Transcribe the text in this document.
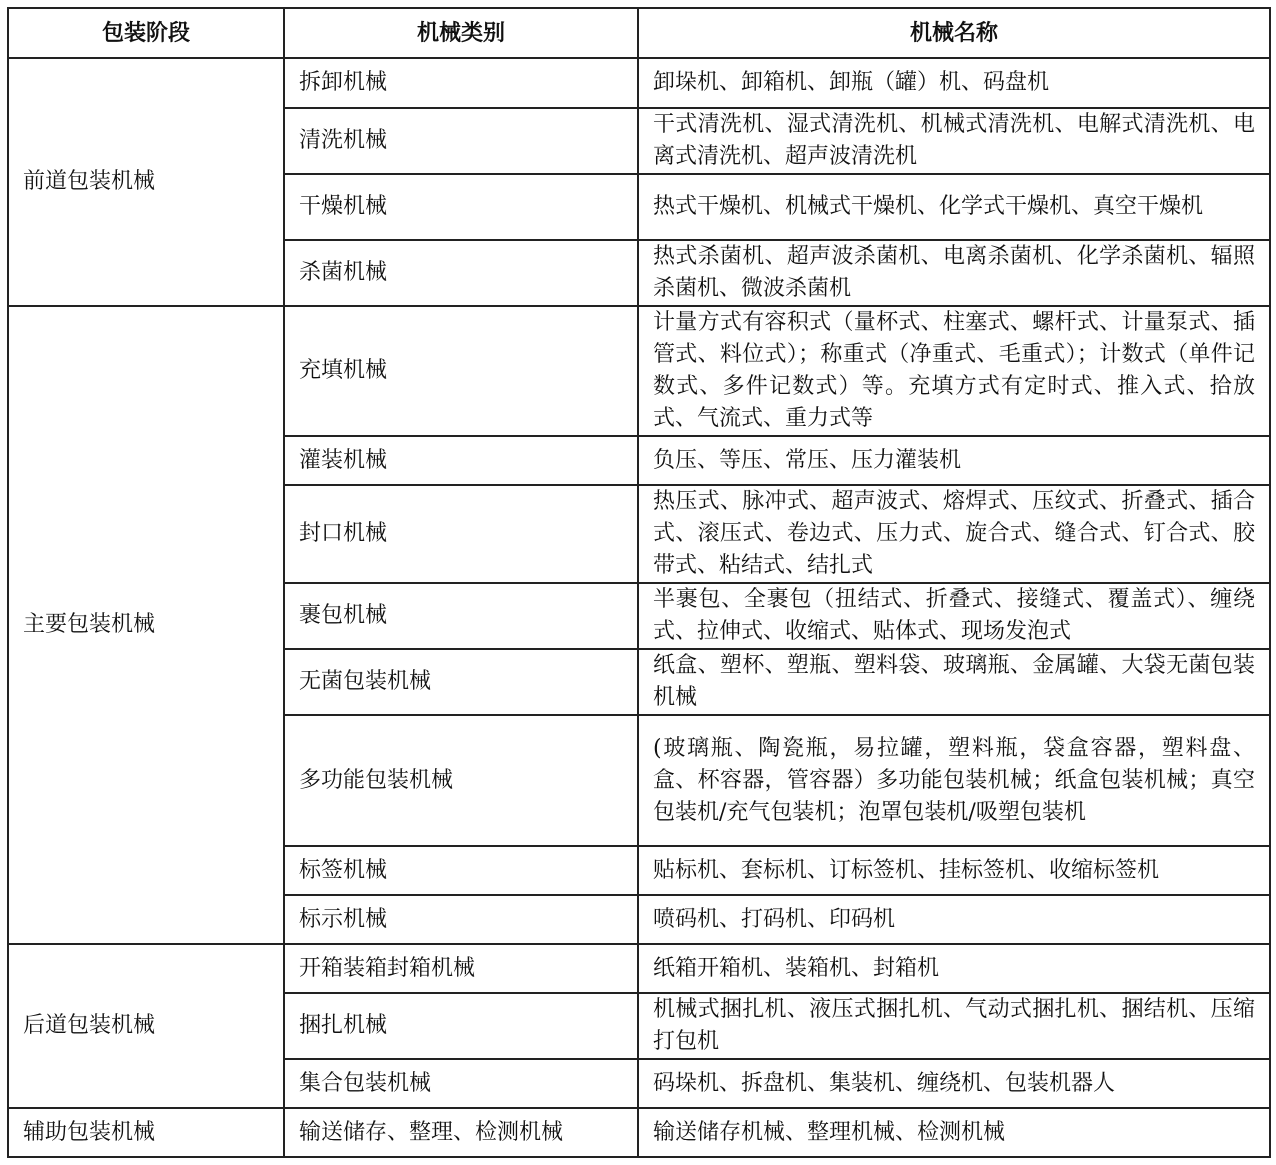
包装阶段	机械类别	机械名称
前道包装机械	拆卸机械	卸垛机、卸箱机、卸瓶（罐）机、码盘机
	清洗机械	干式清洗机、湿式清洗机、机械式清洗机、电解式清洗机、电离式清洗机、超声波清洗机
	干燥机械	热式干燥机、机械式干燥机、化学式干燥机、真空干燥机
	杀菌机械	热式杀菌机、超声波杀菌机、电离杀菌机、化学杀菌机、辐照杀菌机、微波杀菌机
主要包装机械	充填机械	计量方式有容积式（量杯式、柱塞式、螺杆式、计量泵式、插管式、料位式）；称重式（净重式、毛重式）；计数式（单件记数式、多件记数式）等。充填方式有定时式、推入式、拾放式、气流式、重力式等
	灌装机械	负压、等压、常压、压力灌装机
	封口机械	热压式、脉冲式、超声波式、熔焊式、压纹式、折叠式、插合式、滚压式、卷边式、压力式、旋合式、缝合式、钉合式、胶带式、粘结式、结扎式
	裹包机械	半裹包、全裹包（扭结式、折叠式、接缝式、覆盖式）、缠绕式、拉伸式、收缩式、贴体式、现场发泡式
	无菌包装机械	纸盒、塑杯、塑瓶、塑料袋、玻璃瓶、金属罐、大袋无菌包装机械
	多功能包装机械	(玻璃瓶、陶瓷瓶，易拉罐，塑料瓶，袋盒容器，塑料盘、盒、杯容器，管容器）多功能包装机械；纸盒包装机械；真空包装机/充气包装机；泡罩包装机/吸塑包装机
	标签机械	贴标机、套标机、订标签机、挂标签机、收缩标签机
	标示机械	喷码机、打码机、印码机
后道包装机械	开箱装箱封箱机械	纸箱开箱机、装箱机、封箱机
	捆扎机械	机械式捆扎机、液压式捆扎机、气动式捆扎机、捆结机、压缩打包机
	集合包装机械	码垛机、拆盘机、集装机、缠绕机、包装机器人
辅助包装机械	输送储存、整理、检测机械	输送储存机械、整理机械、检测机械
